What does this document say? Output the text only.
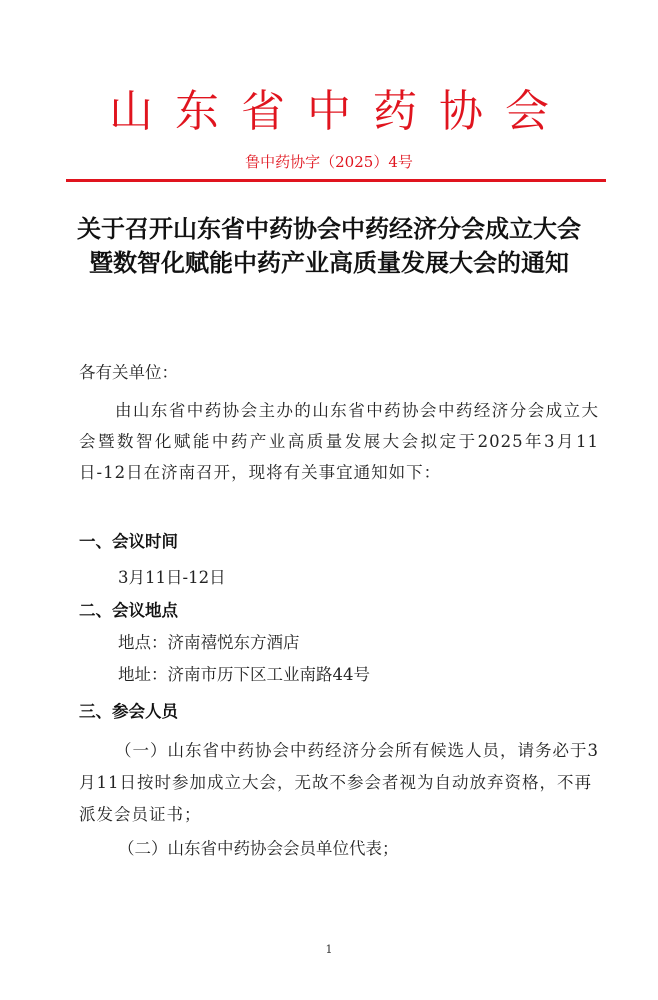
山东省中药协会
鲁中药协字（2025）4号
关于召开山东省中药协会中药经济分会成立大会暨数智化赋能中药产业高质量发展大会的通知
各有关单位：
由山东省中药协会主办的山东省中药协会中药经济分会成立大会暨数智化赋能中药产业高质量发展大会拟定于2025年3月11日-12日在济南召开，现将有关事宜通知如下：
一、会议时间
3月11日-12日
二、会议地点
地点：济南禧悦东方酒店
地址：济南市历下区工业南路44号
三、参会人员
（一）山东省中药协会中药经济分会所有候选人员，请务必于3月11日按时参加成立大会，无故不参会者视为自动放弃资格，不再派发会员证书；
（二）山东省中药协会会员单位代表；
1
